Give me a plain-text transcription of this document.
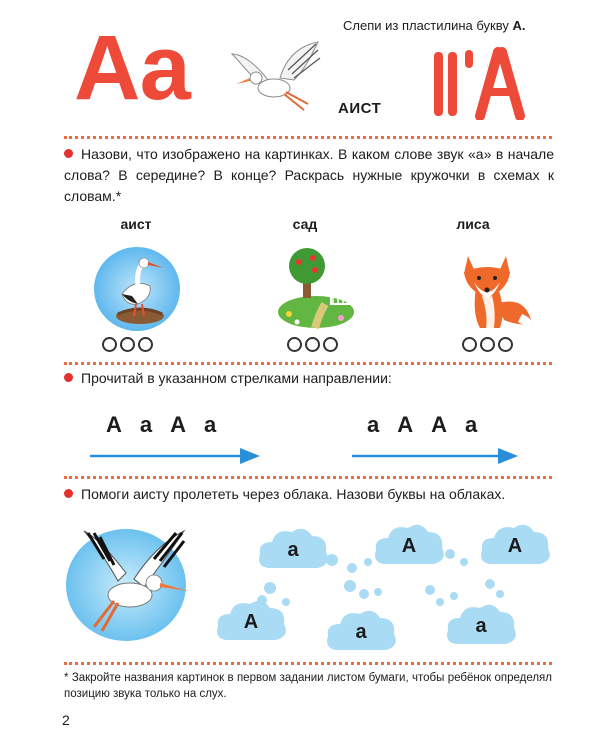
Слепи из пластилина букву А.
Аа	АИСТ
Назови, что изображено на картинках. В каком слове звук «а» в начале слова? В середине? В конце? Раскрась нужные кружочки в схемах к словам.*
аист	сад	лиса
Прочитай в указанном стрелками направлении:
А а А а	а А А а
Помоги аисту пролететь через облака. Назови буквы на облаках.
а	А	А
А	а	а
* Закройте названия картинок в первом задании листом бумаги, чтобы ребёнок определял позицию звука только на слух.
2
